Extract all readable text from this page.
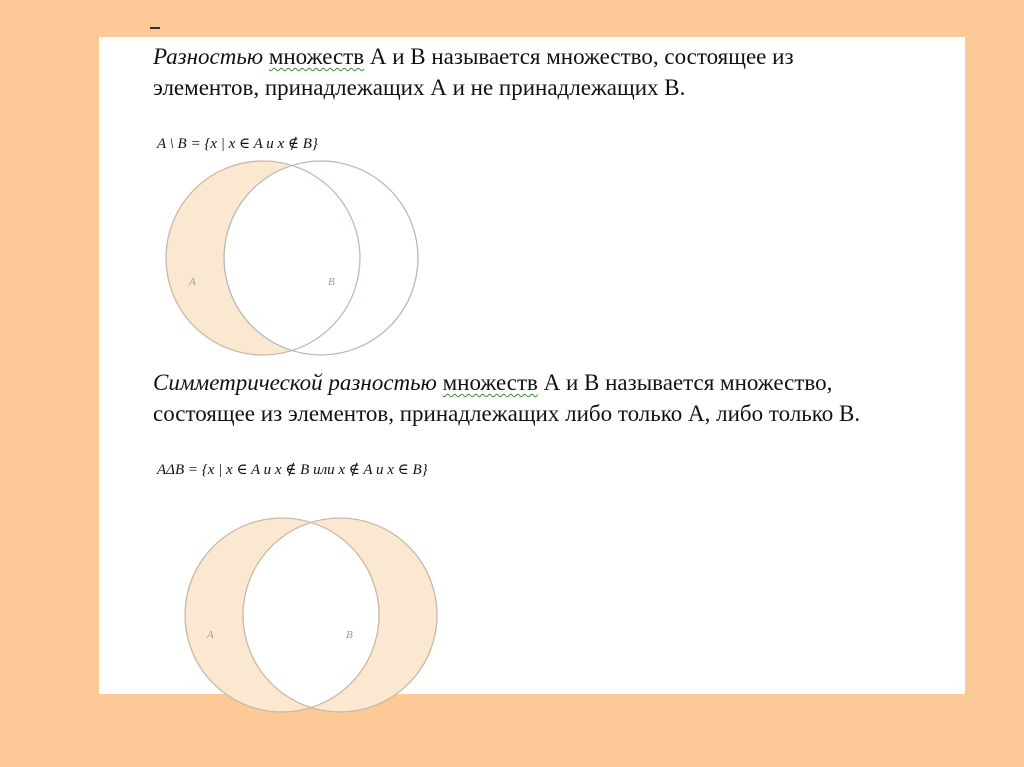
Разностью множеств А и В называется множество, состоящее из
элементов, принадлежащих А и не принадлежащих В.
A \ B = {x | x ∈ A и x ∉ B}
Симметрической разностью множеств А и В называется множество,
состоящее из элементов, принадлежащих либо только А, либо только В.
AΔB = {x | x ∈ A и x ∉ B или x ∉ A и x ∈ B}
A	B
A	B
